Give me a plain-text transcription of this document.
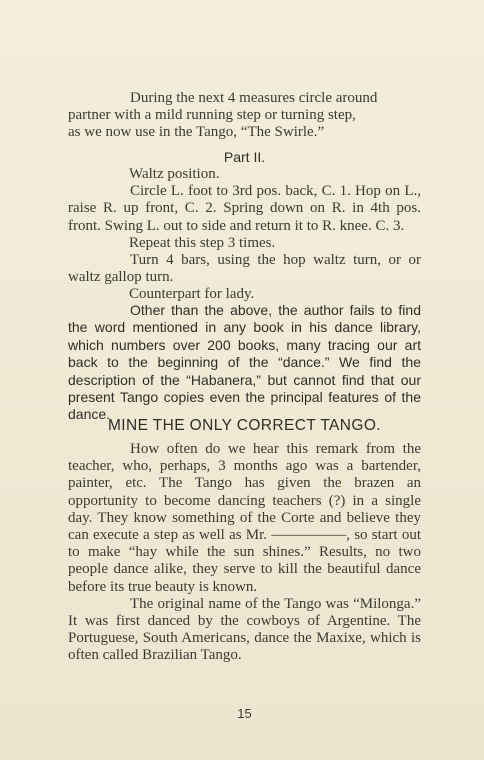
During the next 4 measures circle around

partner with a mild running step or turning step,

as we now use in the Tango, “The Swirle.”

Part II.

Waltz position.

Circle L. foot to 3rd pos. back, C. 1. Hop on L., raise R. up front, C. 2. Spring down on R. in 4th pos. front. Swing L. out to side and return it to R. knee. C. 3.

Repeat this step 3 times.

Turn 4 bars, using the hop waltz turn, or or waltz gallop turn.

Counterpart for lady.

Other than the above, the author fails to find the word mentioned in any book in his dance library, which numbers over 200 books, many tracing our art back to the beginning of the “dance.” We find the description of the “Habanera,” but cannot find that our present Tango copies even the principal features of the dance.
MINE THE ONLY CORRECT TANGO.

How often do we hear this remark from the teacher, who, perhaps, 3 months ago was a bartender, painter, etc. The Tango has given the brazen an opportunity to become dancing teachers (?) in a single day. They know something of the Corte and believe they can execute a step as well as Mr. —————, so start out to make “hay while the sun shines.” Results, no two people dance alike, they serve to kill the beautiful dance before its true beauty is known.

The original name of the Tango was “Milonga.” It was first danced by the cowboys of Argentine. The Portuguese, South Americans, dance the Maxixe, which is often called Brazilian Tango.

15
